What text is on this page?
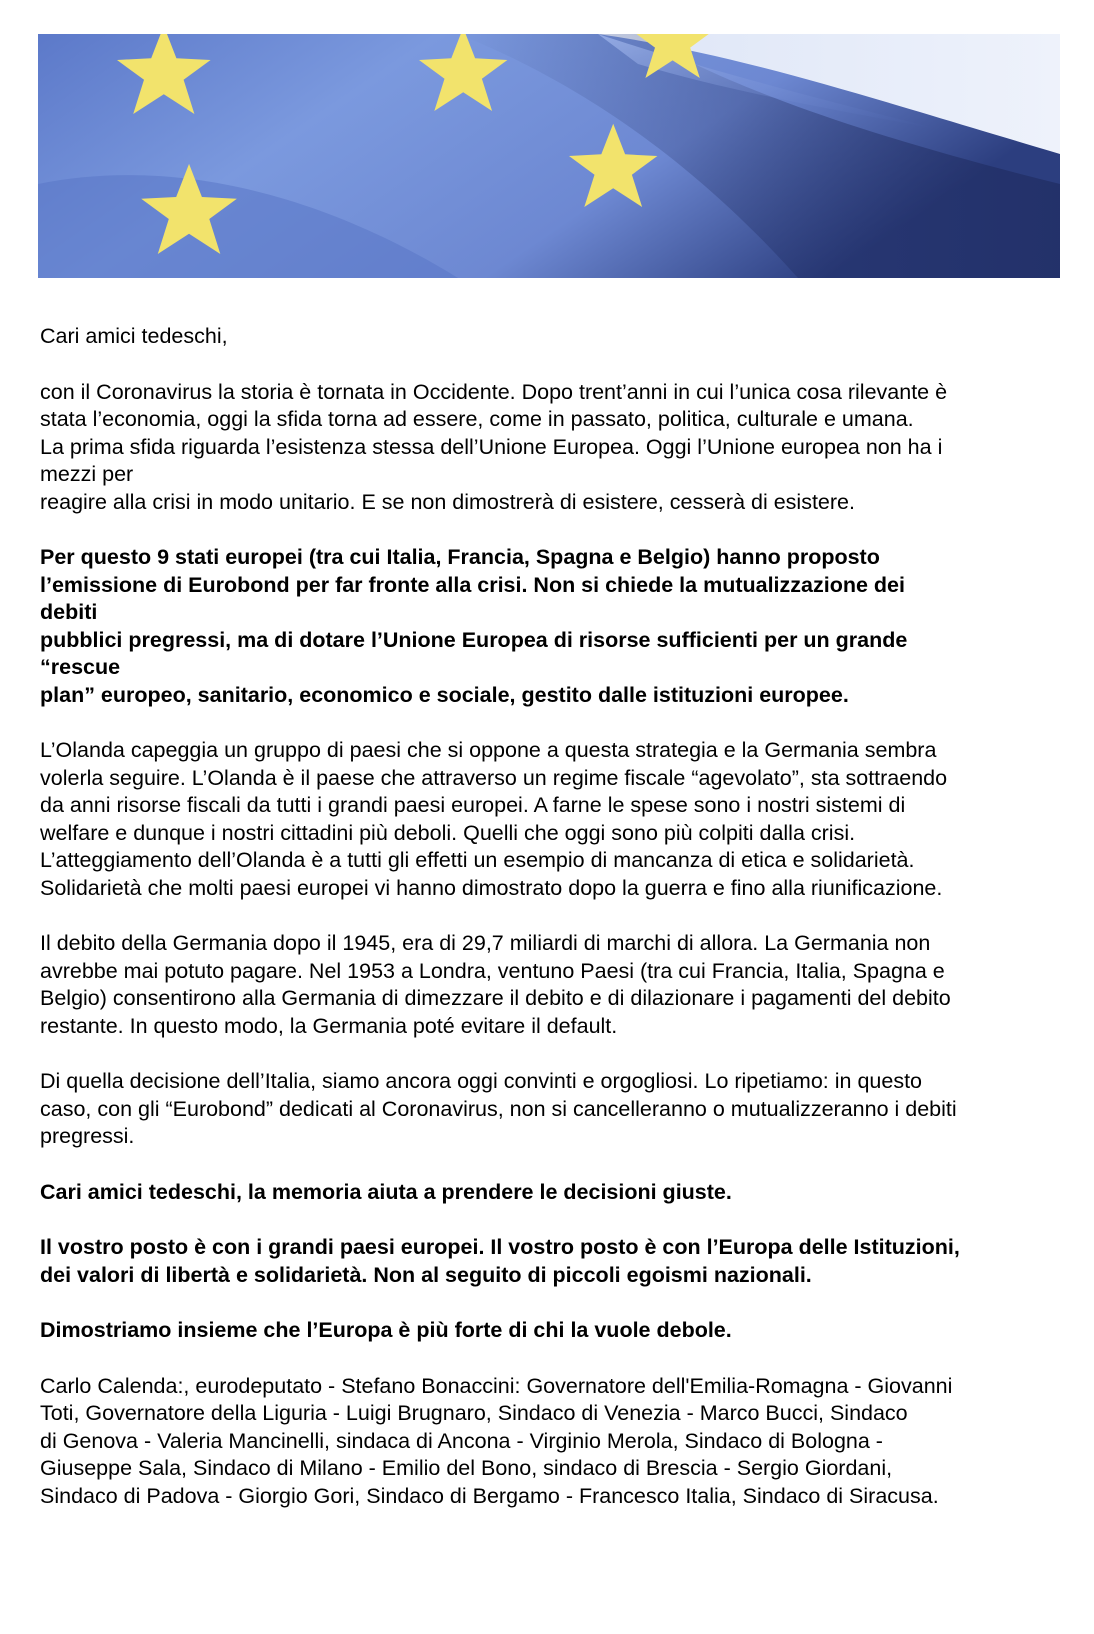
Cari amici tedeschi,

con il Coronavirus la storia è tornata in Occidente. Dopo trent’anni in cui l’unica cosa rilevante è
stata l’economia, oggi la sfida torna ad essere, come in passato, politica, culturale e umana.
La prima sfida riguarda l’esistenza stessa dell’Unione Europea. Oggi l’Unione europea non ha i
mezzi per
reagire alla crisi in modo unitario. E se non dimostrerà di esistere, cesserà di esistere.

Per questo 9 stati europei (tra cui Italia, Francia, Spagna e Belgio) hanno proposto
l’emissione di Eurobond per far fronte alla crisi. Non si chiede la mutualizzazione dei
debiti
pubblici pregressi, ma di dotare l’Unione Europea di risorse sufficienti per un grande
“rescue
plan” europeo, sanitario, economico e sociale, gestito dalle istituzioni europee.

L’Olanda capeggia un gruppo di paesi che si oppone a questa strategia e la Germania sembra
volerla seguire. L’Olanda è il paese che attraverso un regime fiscale “agevolato”, sta sottraendo
da anni risorse fiscali da tutti i grandi paesi europei. A farne le spese sono i nostri sistemi di
welfare e dunque i nostri cittadini più deboli. Quelli che oggi sono più colpiti dalla crisi.
L’atteggiamento dell’Olanda è a tutti gli effetti un esempio di mancanza di etica e solidarietà.
Solidarietà che molti paesi europei vi hanno dimostrato dopo la guerra e fino alla riunificazione.

Il debito della Germania dopo il 1945, era di 29,7 miliardi di marchi di allora. La Germania non
avrebbe mai potuto pagare. Nel 1953 a Londra, ventuno Paesi (tra cui Francia, Italia, Spagna e
Belgio) consentirono alla Germania di dimezzare il debito e di dilazionare i pagamenti del debito
restante. In questo modo, la Germania poté evitare il default.

Di quella decisione dell’Italia, siamo ancora oggi convinti e orgogliosi. Lo ripetiamo: in questo
caso, con gli “Eurobond” dedicati al Coronavirus, non si cancelleranno o mutualizzeranno i debiti
pregressi.

Cari amici tedeschi, la memoria aiuta a prendere le decisioni giuste.

Il vostro posto è con i grandi paesi europei. Il vostro posto è con l’Europa delle Istituzioni,
dei valori di libertà e solidarietà. Non al seguito di piccoli egoismi nazionali.

Dimostriamo insieme che l’Europa è più forte di chi la vuole debole.

Carlo Calenda:, eurodeputato - Stefano Bonaccini: Governatore dell'Emilia-Romagna - Giovanni
Toti, Governatore della Liguria - Luigi Brugnaro, Sindaco di Venezia - Marco Bucci, Sindaco
di Genova - Valeria Mancinelli, sindaca di Ancona - Virginio Merola, Sindaco di Bologna -
Giuseppe Sala, Sindaco di Milano - Emilio del Bono, sindaco di Brescia - Sergio Giordani,
Sindaco di Padova - Giorgio Gori, Sindaco di Bergamo - Francesco Italia, Sindaco di Siracusa.
